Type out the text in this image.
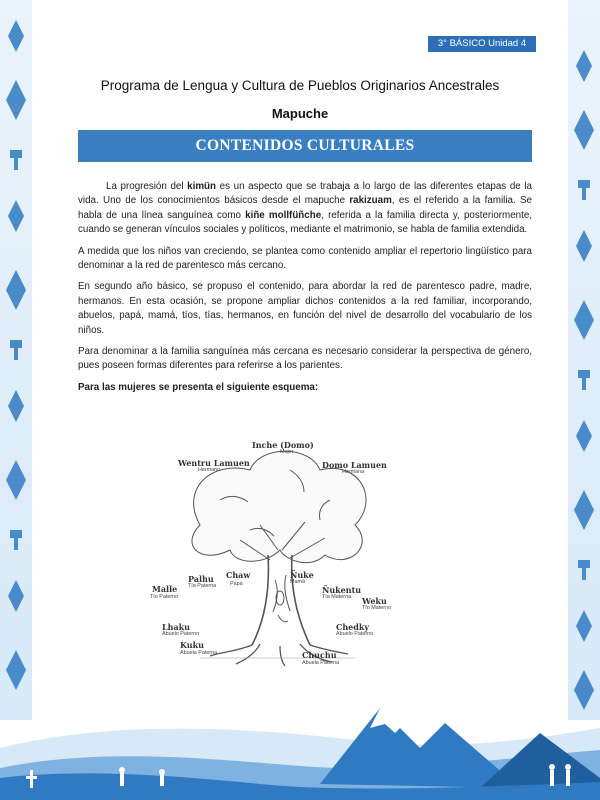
3° BÁSICO Unidad 4
Programa de Lengua y Cultura de Pueblos Originarios Ancestrales
Mapuche
CONTENIDOS CULTURALES

La progresión del kimün es un aspecto que se trabaja a lo largo de las diferentes etapas de la vida. Uno de los conocimientos básicos desde el mapuche rakizuam, es el referido a la familia. Se habla de una línea sanguínea como kiñe mollfüñche, referida a la familia directa y, posteriormente, cuando se generan vínculos sociales y políticos, mediante el matrimonio, se habla de familia extendida.

A medida que los niños van creciendo, se plantea como contenido ampliar el repertorio lingüístico para denominar a la red de parentesco más cercano.

En segundo año básico, se propuso el contenido, para abordar la red de parentesco padre, madre, hermanos. En esta ocasión, se propone ampliar dichos contenidos a la red familiar, incorporando, abuelos, papá, mamá, tíos, tías, hermanos, en función del nivel de desarrollo del vocabulario de los niños.

Para denominar a la familia sanguínea más cercana es necesario considerar la perspectiva de género, pues poseen formas diferentes para referirse a los parientes.

Para las mujeres se presenta el siguiente esquema:
Inche (Domo)
Mujer
Wentru Lamuen
Hermano	Domo Lamuen
Hermana
Palhu
Tía Paterna
Chaw
Papá
Ñuke
Mamá
Ñukentu
Tía Materna
Malle
Tío Paterno	Weku
Tío Materno
Lhaku
Abuelo Paterno
Chedky
Abuelo Paterno
Kuku
Abuela Paterna	Chuchu
Abuela Paterna
